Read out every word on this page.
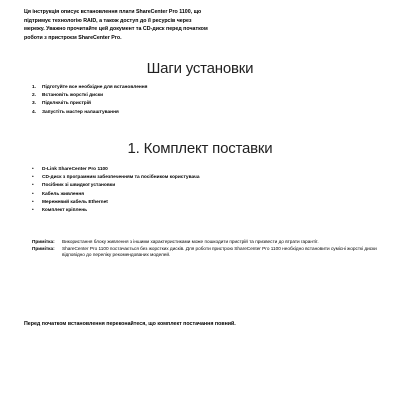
Ця інструкція описує встановлення плати ShareCenter Pro 1100, що

підтримує технологію RAID, а також доступ до її ресурсів через

мережу. Уважно прочитайте цей документ та CD-диск перед початком

роботи з пристроєм ShareCenter Pro.

Шаги установки
1.	Підготуйте все необхідне для встановлення
2.	Встановіть жорсткі диски
3.	Підключіть пристрій
4.	Запустіть мастер налаштування
1. Комплект поставки
•	D-Link ShareCenter Pro 1100
•	CD-диск з програмним забезпеченням та посібником користувача
•	Посібник зі швидкої установки
•	Кабель живлення
•	Мережевий кабель Ethernet
•	Комплект кріплень
Примітка:	Використання блоку живлення з іншими характеристиками може пошкодити пристрій та призвести до втрати гарантії.
Примітка:	ShareCenter Pro 1100 постачається без жорстких дисків. Для роботи пристрою ShareCenter Pro 1100 необхідно встановити сумісні жорсткі диски відповідно до переліку рекомендованих моделей.

Перед початком встановлення переконайтеся, що комплект постачання повний.
